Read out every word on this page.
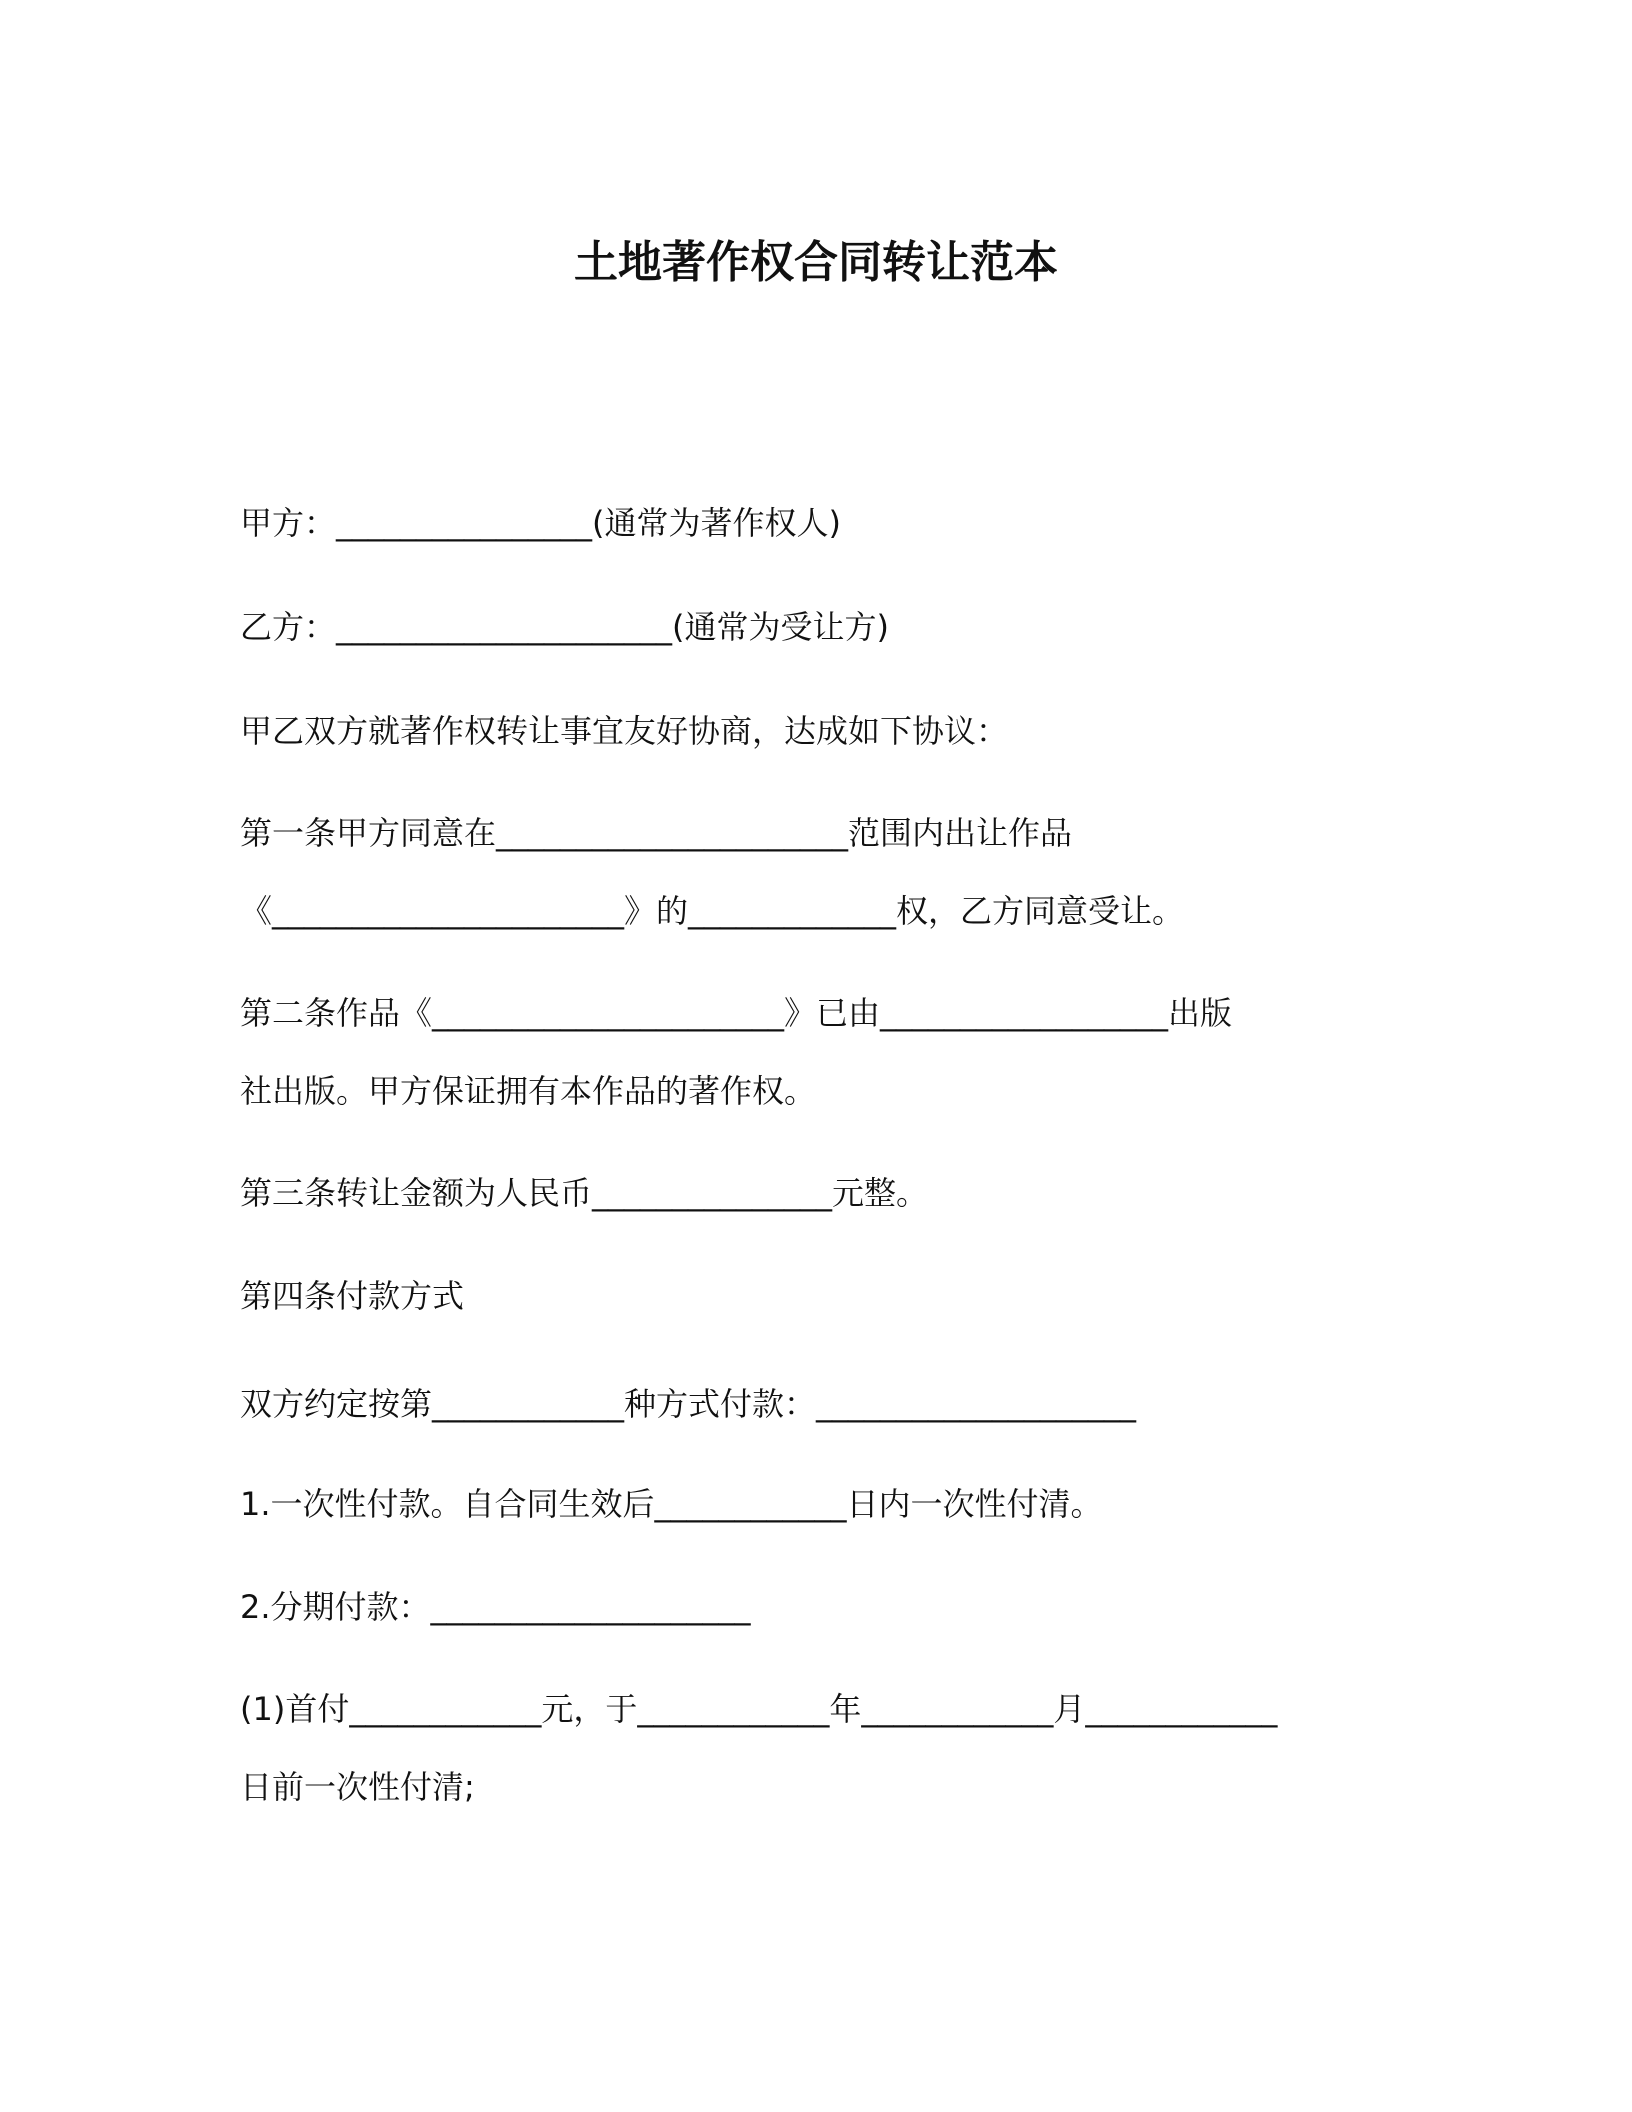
土地著作权合同转让范本
甲方：________________(通常为著作权人)
乙方：_____________________(通常为受让方)
甲乙双方就著作权转让事宜友好协商，达成如下协议：
第一条甲方同意在______________________范围内出让作品
《______________________》的_____________权，乙方同意受让。
第二条作品《______________________》已由__________________出版
社出版。甲方保证拥有本作品的著作权。
第三条转让金额为人民币_______________元整。
第四条付款方式
双方约定按第____________种方式付款：____________________
1.一次性付款。自合同生效后____________日内一次性付清。
2.分期付款：____________________
(1)首付____________元，于____________年____________月____________
日前一次性付清;
